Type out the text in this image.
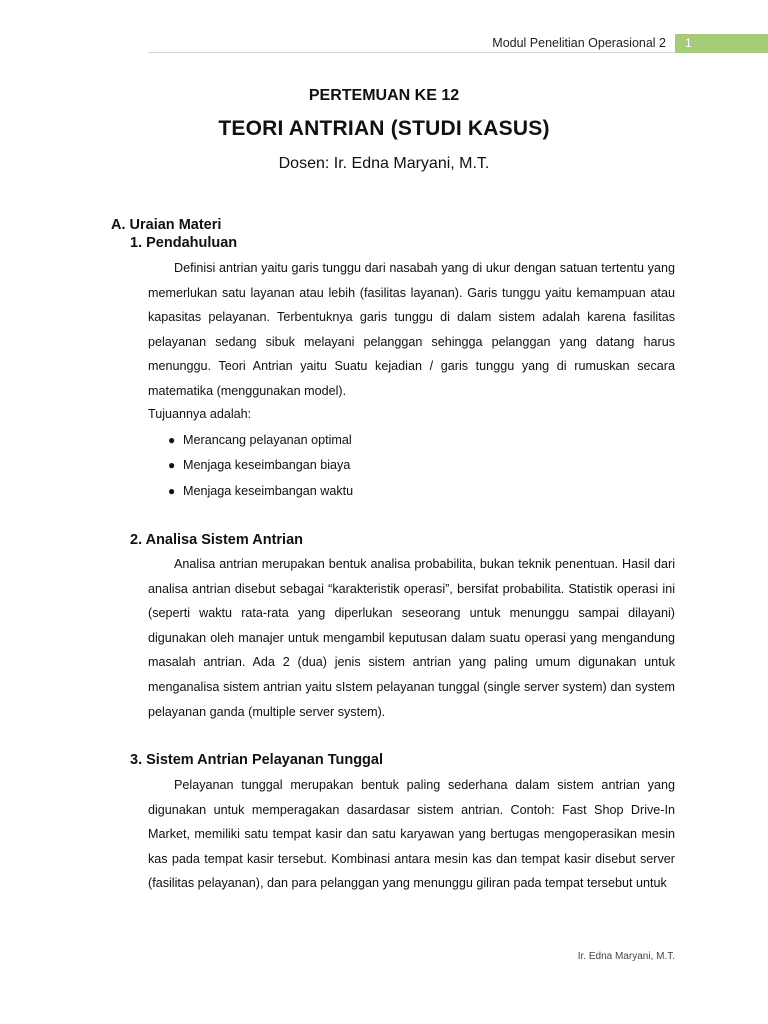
Modul Penelitian Operasional 2 1
PERTEMUAN KE 12
TEORI ANTRIAN (STUDI KASUS)
Dosen: Ir. Edna Maryani, M.T.
A. Uraian Materi
1. Pendahuluan

Definisi antrian yaitu garis tunggu dari nasabah yang di ukur dengan satuan tertentu yang memerlukan satu layanan atau lebih (fasilitas layanan). Garis tunggu yaitu kemampuan atau kapasitas pelayanan. Terbentuknya garis tunggu di dalam sistem adalah karena fasilitas pelayanan sedang sibuk melayani pelanggan sehingga pelanggan yang datang harus menunggu. Teori Antrian yaitu Suatu kejadian / garis tunggu yang di rumuskan secara matematika (menggunakan model).

Tujuannya adalah:
● Merancang pelayanan optimal
● Menjaga keseimbangan biaya
● Menjaga keseimbangan waktu
2. Analisa Sistem Antrian

Analisa antrian merupakan bentuk analisa probabilita, bukan teknik penentuan. Hasil dari analisa antrian disebut sebagai “karakteristik operasi”, bersifat probabilita. Statistik operasi ini (seperti waktu rata-rata yang diperlukan seseorang untuk menunggu sampai dilayani) digunakan oleh manajer untuk mengambil keputusan dalam suatu operasi yang mengandung masalah antrian. Ada 2 (dua) jenis sistem antrian yang paling umum digunakan untuk menganalisa sistem antrian yaitu sIstem pelayanan tunggal (single server system) dan system pelayanan ganda (multiple server system).

3. Sistem Antrian Pelayanan Tunggal

Pelayanan tunggal merupakan bentuk paling sederhana dalam sistem antrian yang digunakan untuk memperagakan dasardasar sistem antrian. Contoh: Fast Shop Drive-In Market, memiliki satu tempat kasir dan satu karyawan yang bertugas mengoperasikan mesin kas pada tempat kasir tersebut. Kombinasi antara mesin kas dan tempat kasir disebut server (fasilitas pelayanan), dan para pelanggan yang menunggu giliran pada tempat tersebut untuk

Ir. Edna Maryani, M.T.
